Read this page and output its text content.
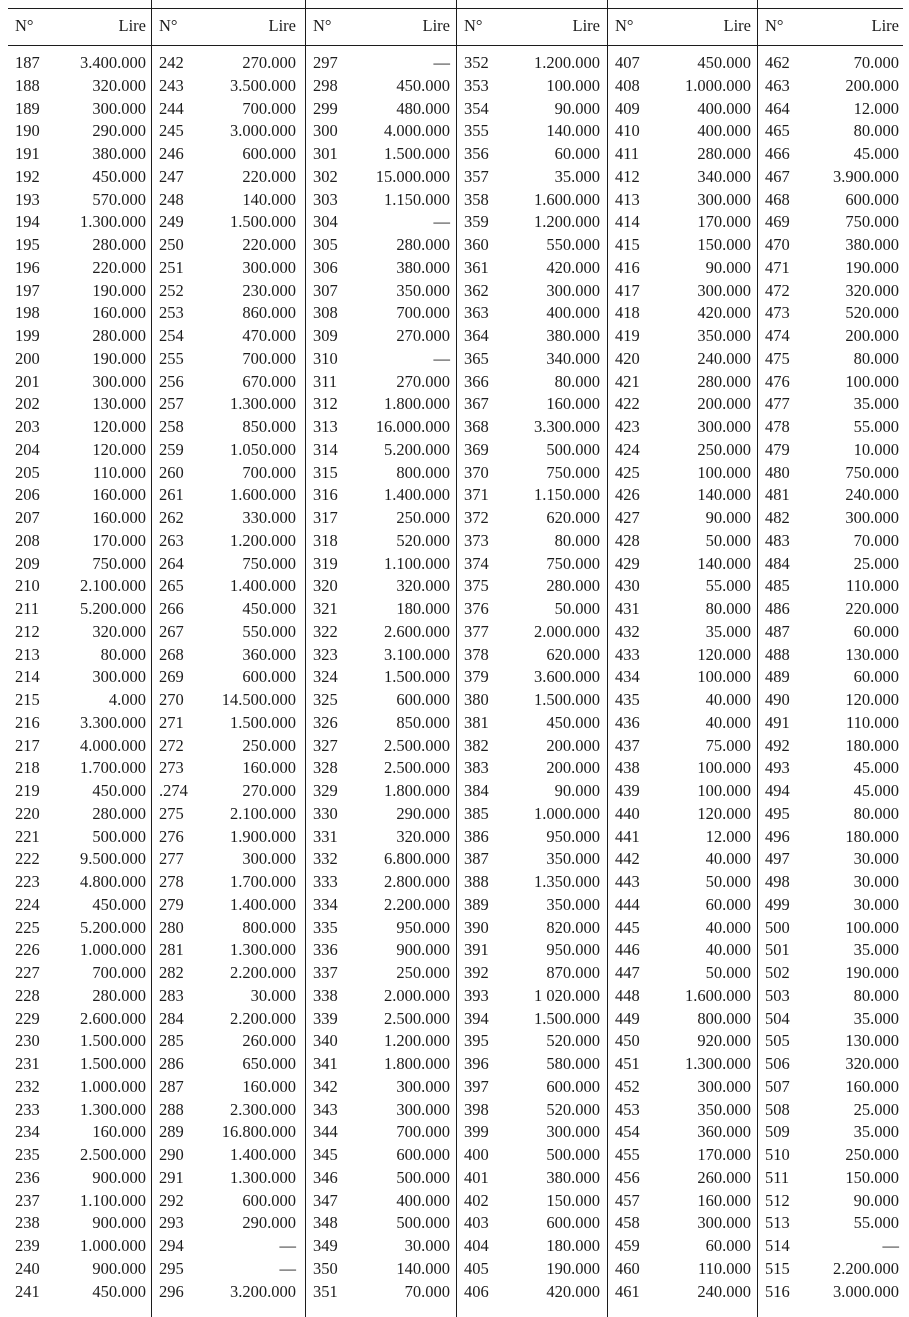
N°	Lire
187 3.400.000
188	320.000
189	300.000
190	290.000
191	380.000
192	450.000
193	570.000
194 1.300.000
195	280.000
196	220.000
197	190.000
198	160.000
199	280.000
200	190.000
201	300.000
202	130.000
203	120.000
204	120.000
205	110.000
206	160.000
207	160.000
208	170.000
209	750.000
210 2.100.000
211 5.200.000
212	320.000
213	80.000
214	300.000
215	4.000
216 3.300.000
217 4.000.000
218 1.700.000
219	450.000
220	280.000
221	500.000
222 9.500.000
223 4.800.000
224	450.000
225 5.200.000
226 1.000.000
227	700.000
228	280.000
229 2.600.000
230 1.500.000
231 1.500.000
232 1.000.000
233 1.300.000
234	160.000
235 2.500.000
236	900.000
237 1.100.000
238	900.000
239 1.000.000
240	900.000
241	450.000
N°	Lire
242	270.000
243	3.500.000
244	700.000
245	3.000.000
246	600.000
247	220.000
248	140.000
249	1.500.000
250	220.000
251	300.000
252	230.000
253	860.000
254	470.000
255	700.000
256	670.000
257	1.300.000
258	850.000
259	1.050.000
260	700.000
261	1.600.000
262	330.000
263	1.200.000
264	750.000
265	1.400.000
266	450.000
267	550.000
268	360.000
269	600.000
270 14.500.000
271	1.500.000
272	250.000
273	160.000
.274	270.000
275	2.100.000
276	1.900.000
277	300.000
278	1.700.000
279	1.400.000
280	800.000
281	1.300.000
282	2.200.000
283	30.000
284	2.200.000
285	260.000
286	650.000
287	160.000
288	2.300.000
289 16.800.000
290	1.400.000
291	1.300.000
292	600.000
293	290.000
294	—
295	—
296	3.200.000
N°	Lire
297	—
298	450.000
299	480.000
300	4.000.000
301	1.500.000
302 15.000.000
303	1.150.000
304	—
305	280.000
306	380.000
307	350.000
308	700.000
309	270.000
310	—
311	270.000
312	1.800.000
313 16.000.000
314	5.200.000
315	800.000
316	1.400.000
317	250.000
318	520.000
319	1.100.000
320	320.000
321	180.000
322	2.600.000
323	3.100.000
324	1.500.000
325	600.000
326	850.000
327	2.500.000
328	2.500.000
329	1.800.000
330	290.000
331	320.000
332	6.800.000
333	2.800.000
334	2.200.000
335	950.000
336	900.000
337	250.000
338	2.000.000
339	2.500.000
340	1.200.000
341	1.800.000
342	300.000
343	300.000
344	700.000
345	600.000
346	500.000
347	400.000
348	500.000
349	30.000
350	140.000
351	70.000
N°	Lire
352	1.200.000
353	100.000
354	90.000
355	140.000
356	60.000
357	35.000
358	1.600.000
359	1.200.000
360	550.000
361	420.000
362	300.000
363	400.000
364	380.000
365	340.000
366	80.000
367	160.000
368	3.300.000
369	500.000
370	750.000
371	1.150.000
372	620.000
373	80.000
374	750.000
375	280.000
376	50.000
377	2.000.000
378	620.000
379	3.600.000
380	1.500.000
381	450.000
382	200.000
383	200.000
384	90.000
385	1.000.000
386	950.000
387	350.000
388	1.350.000
389	350.000
390	820.000
391	950.000
392	870.000
393	1 020.000
394	1.500.000
395	520.000
396	580.000
397	600.000
398	520.000
399	300.000
400	500.000
401	380.000
402	150.000
403	600.000
404	180.000
405	190.000
406	420.000
N°	Lire
407	450.000
408	1.000.000
409	400.000
410	400.000
411	280.000
412	340.000
413	300.000
414	170.000
415	150.000
416	90.000
417	300.000
418	420.000
419	350.000
420	240.000
421	280.000
422	200.000
423	300.000
424	250.000
425	100.000
426	140.000
427	90.000
428	50.000
429	140.000
430	55.000
431	80.000
432	35.000
433	120.000
434	100.000
435	40.000
436	40.000
437	75.000
438	100.000
439	100.000
440	120.000
441	12.000
442	40.000
443	50.000
444	60.000
445	40.000
446	40.000
447	50.000
448	1.600.000
449	800.000
450	920.000
451	1.300.000
452	300.000
453	350.000
454	360.000
455	170.000
456	260.000
457	160.000
458	300.000
459	60.000
460	110.000
461	240.000
N°	Lire
462	70.000
463	200.000
464	12.000
465	80.000
466	45.000
467	3.900.000
468	600.000
469	750.000
470	380.000
471	190.000
472	320.000
473	520.000
474	200.000
475	80.000
476	100.000
477	35.000
478	55.000
479	10.000
480	750.000
481	240.000
482	300.000
483	70.000
484	25.000
485	110.000
486	220.000
487	60.000
488	130.000
489	60.000
490	120.000
491	110.000
492	180.000
493	45.000
494	45.000
495	80.000
496	180.000
497	30.000
498	30.000
499	30.000
500	100.000
501	35.000
502	190.000
503	80.000
504	35.000
505	130.000
506	320.000
507	160.000
508	25.000
509	35.000
510	250.000
511	150.000
512	90.000
513	55.000
514	—
515	2.200.000
516	3.000.000
